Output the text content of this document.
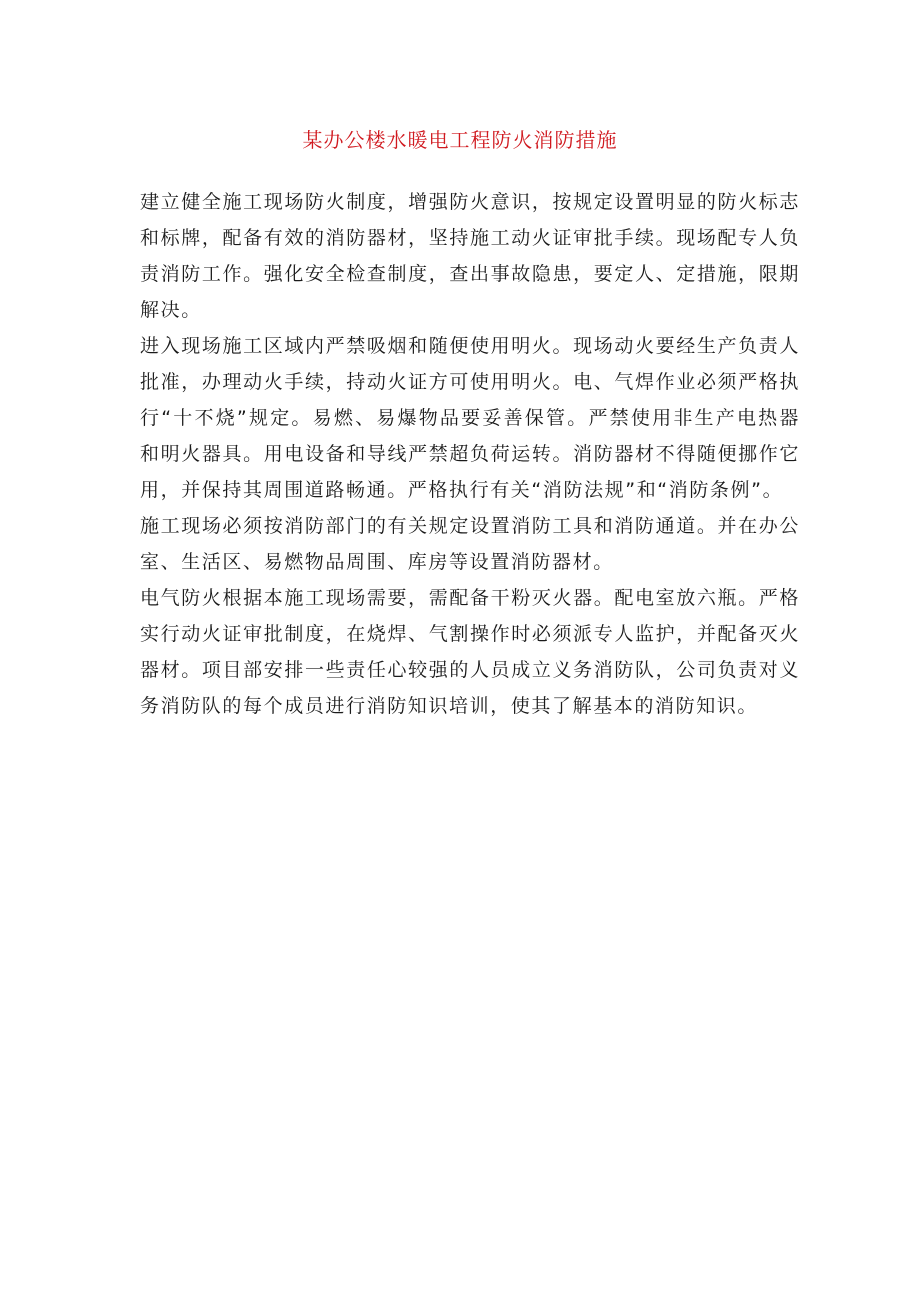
某办公楼水暖电工程防火消防措施

建立健全施工现场防火制度，增强防火意识，按规定设置明显的防火标志和标牌，配备有效的消防器材，坚持施工动火证审批手续。现场配专人负责消防工作。强化安全检查制度，查出事故隐患，要定人、定措施，限期解决。

进入现场施工区域内严禁吸烟和随便使用明火。现场动火要经生产负责人批准，办理动火手续，持动火证方可使用明火。电、气焊作业必须严格执行“十不烧”规定。易燃、易爆物品要妥善保管。严禁使用非生产电热器和明火器具。用电设备和导线严禁超负荷运转。消防器材不得随便挪作它用，并保持其周围道路畅通。严格执行有关“消防法规”和“消防条例”。

施工现场必须按消防部门的有关规定设置消防工具和消防通道。并在办公室、生活区、易燃物品周围、库房等设置消防器材。

电气防火根据本施工现场需要，需配备干粉灭火器。配电室放六瓶。严格实行动火证审批制度，在烧焊、气割操作时必须派专人监护，并配备灭火器材。项目部安排一些责任心较强的人员成立义务消防队，公司负责对义务消防队的每个成员进行消防知识培训，使其了解基本的消防知识。
